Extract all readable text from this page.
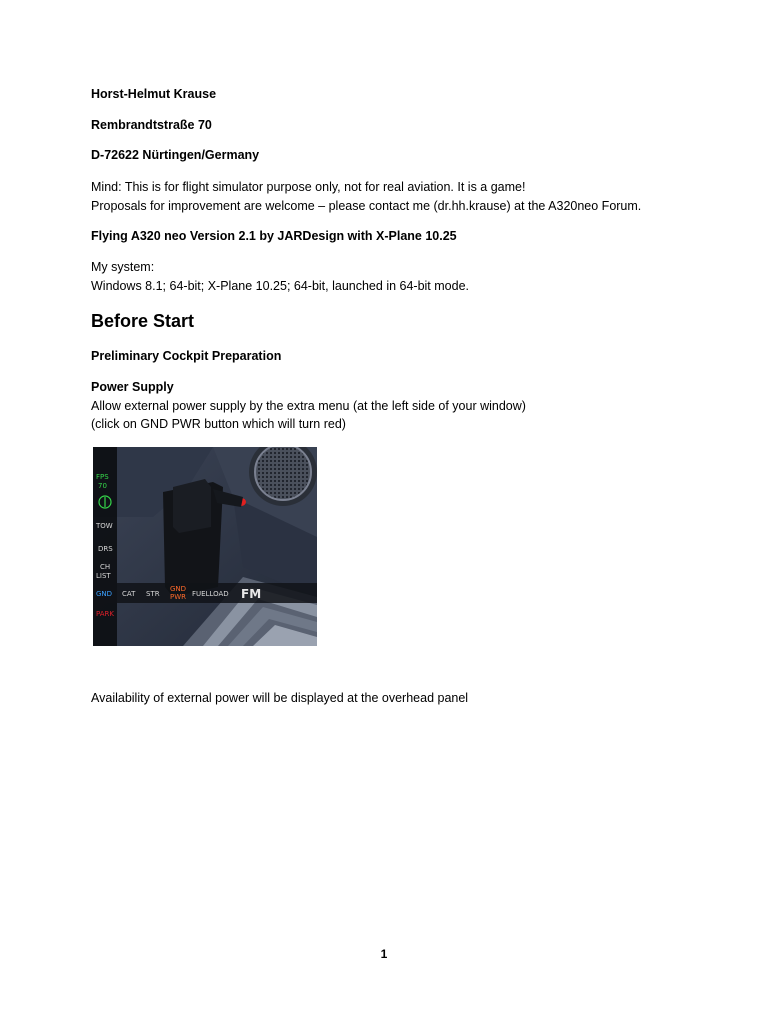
Horst-Helmut Krause
Rembrandtstraße 70
D-72622 Nürtingen/Germany
Mind: This is for flight simulator purpose only, not for real aviation. It is a game!
Proposals for improvement are welcome – please contact me (dr.hh.krause) at the A320neo Forum.
Flying A320 neo Version 2.1 by JARDesign with X-Plane 10.25
My system:
Windows 8.1; 64-bit; X-Plane 10.25; 64-bit, launched in 64-bit mode.
Before Start
Preliminary Cockpit Preparation
Power Supply
Allow external power supply by the extra menu (at the left side of your window)
(click on GND PWR button which will turn red)
FPS
70
TOW
DRS
CH
LIST
GND CAT STR
GND
PWR FUELLOAD FM
PARK
Availability of external power will be displayed at the overhead panel
1
